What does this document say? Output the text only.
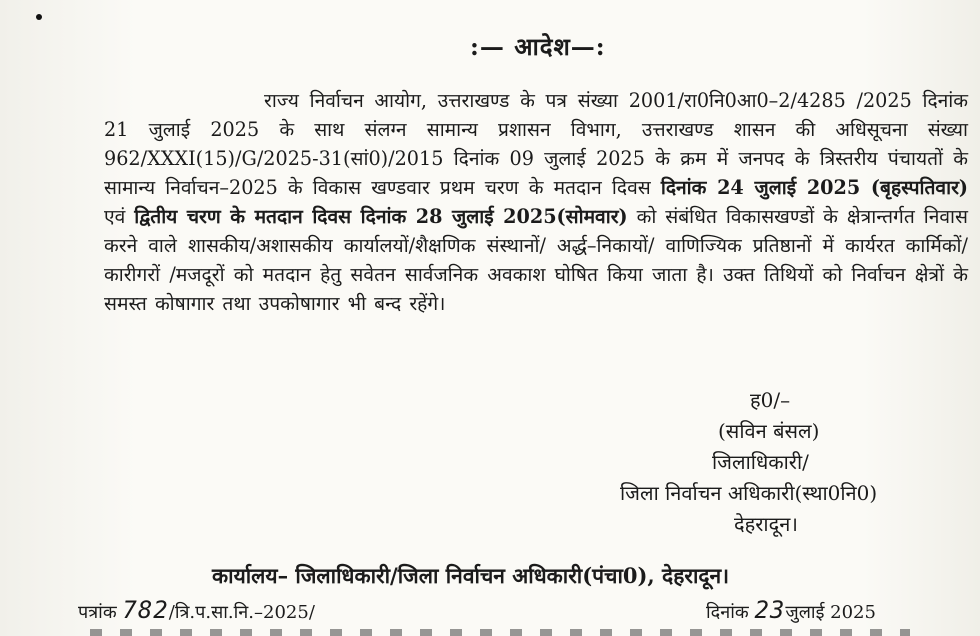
:— आदेश—:
राज्य निर्वाचन आयोग, उत्तराखण्ड के पत्र संख्या 2001/रा0नि0आ0–2/4285 /2025 दिनांक 21 जुलाई 2025 के साथ संलग्न सामान्य प्रशासन विभाग, उत्तराखण्ड शासन की अधिसूचना संख्या 962/XXXI(15)/G/2025-31(सां0)/2015 दिनांक 09 जुलाई 2025 के क्रम में जनपद के त्रिस्तरीय पंचायतों के सामान्य निर्वाचन–2025 के विकास खण्डवार प्रथम चरण के मतदान दिवस दिनांक 24 जुलाई 2025 (बृहस्पतिवार) एवं द्वितीय चरण के मतदान दिवस दिनांक 28 जुलाई 2025(सोमवार) को संबंधित विकासखण्डों के क्षेत्रान्तर्गत निवास करने वाले शासकीय/अशासकीय कार्यालयों/शैक्षणिक संस्थानों/ अर्द्ध–निकायों/ वाणिज्यिक प्रतिष्ठानों में कार्यरत कार्मिकों/कारीगरों /मजदूरों को मतदान हेतु सवेतन सार्वजनिक अवकाश घोषित किया जाता है। उक्त तिथियों को निर्वाचन क्षेत्रों के समस्त कोषागार तथा उपकोषागार भी बन्द रहेंगे।
ह0/–
(सविन बंसल)
जिलाधिकारी/
जिला निर्वाचन अधिकारी(स्था0नि0)
देहरादून।
कार्यालय– जिलाधिकारी/जिला निर्वाचन अधिकारी(पंचा0), देहरादून।
पत्रांक 782/त्रि.प.सा.नि.–2025/	दिनांक 23जुलाई 2025
